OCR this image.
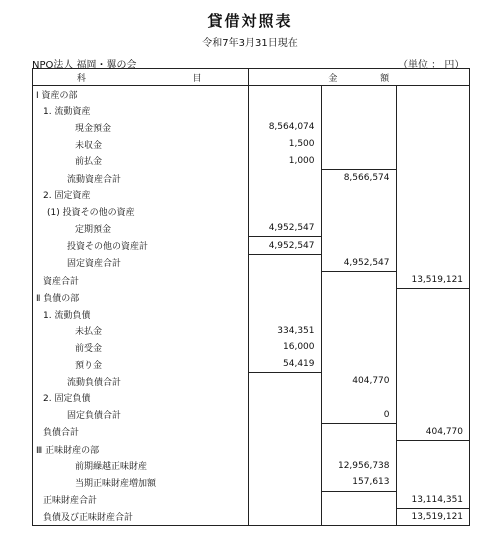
貸借対照表
令和7年3月31日現在
NPO法人 福岡・翼の会	（単位 ： 円）
科 目	金 額		
Ⅰ 資産の部			
1. 流動資産			
現金預金	8,564,074		
未収金	1,500		
前払金	1,000		
流動資産合計		8,566,574	
2. 固定資産			
(1) 投資その他の資産			
定期預金	4,952,547		
投資その他の資産計	4,952,547		
固定資産合計		4,952,547	
資産合計			13,519,121
Ⅱ 負債の部			
1. 流動負債			
未払金	334,351		
前受金	16,000		
預り金	54,419		
流動負債合計		404,770	
2. 固定負債			
固定負債合計		0	
負債合計			404,770
Ⅲ 正味財産の部			
前期繰越正味財産		12,956,738	
当期正味財産増加額		157,613	
正味財産合計			13,114,351
負債及び正味財産合計			13,519,121
